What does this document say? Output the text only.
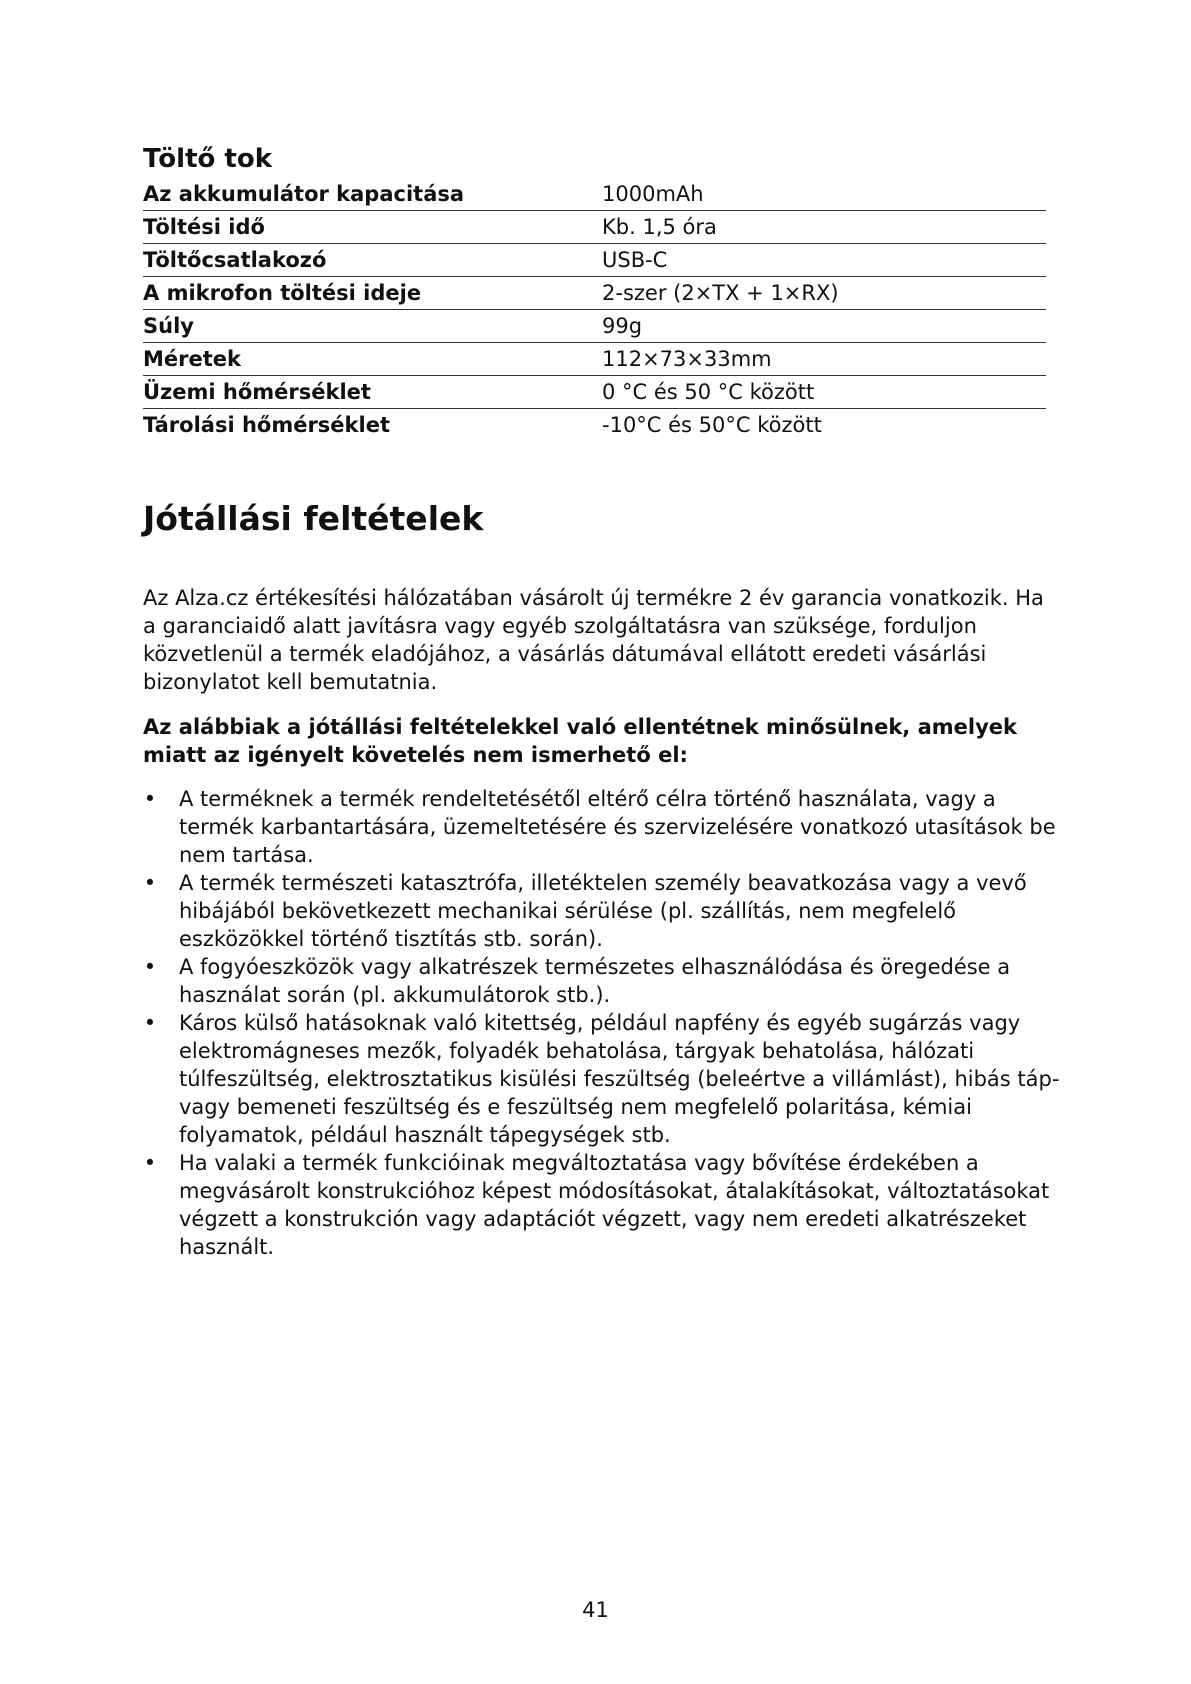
Töltő tok
Az akkumulátor kapacitása	1000mAh
Töltési idő	Kb. 1,5 óra
Töltőcsatlakozó	USB-C
A mikrofon töltési ideje	2-szer (2×TX + 1×RX)
Súly	99g
Méretek	112×73×33mm
Üzemi hőmérséklet	0 °C és 50 °C között
Tárolási hőmérséklet	-10°C és 50°C között
Jótállási feltételek

Az Alza.cz értékesítési hálózatában vásárolt új termékre 2 év garancia vonatkozik. Ha a garanciaidő alatt javításra vagy egyéb szolgáltatásra van szüksége, forduljon közvetlenül a termék eladójához, a vásárlás dátumával ellátott eredeti vásárlási bizonylatot kell bemutatnia.

Az alábbiak a jótállási feltételekkel való ellentétnek minősülnek, amelyek miatt az igényelt követelés nem ismerhető el:

• A terméknek a termék rendeltetésétől eltérő célra történő használata, vagy a termék karbantartására, üzemeltetésére és szervizelésére vonatkozó utasítások be nem tartása.
• A termék természeti katasztrófa, illetéktelen személy beavatkozása vagy a vevő hibájából bekövetkezett mechanikai sérülése (pl. szállítás, nem megfelelő eszközökkel történő tisztítás stb. során).
• A fogyóeszközök vagy alkatrészek természetes elhasználódása és öregedése a használat során (pl. akkumulátorok stb.).
• Káros külső hatásoknak való kitettség, például napfény és egyéb sugárzás vagy elektromágneses mezők, folyadék behatolása, tárgyak behatolása, hálózati túlfeszültség, elektrosztatikus kisülési feszültség (beleértve a villámlást), hibás táp- vagy bemeneti feszültség és e feszültség nem megfelelő polaritása, kémiai folyamatok, például használt tápegységek stb.
• Ha valaki a termék funkcióinak megváltoztatása vagy bővítése érdekében a megvásárolt konstrukcióhoz képest módosításokat, átalakításokat, változtatásokat végzett a konstrukción vagy adaptációt végzett, vagy nem eredeti alkatrészeket használt.
41
